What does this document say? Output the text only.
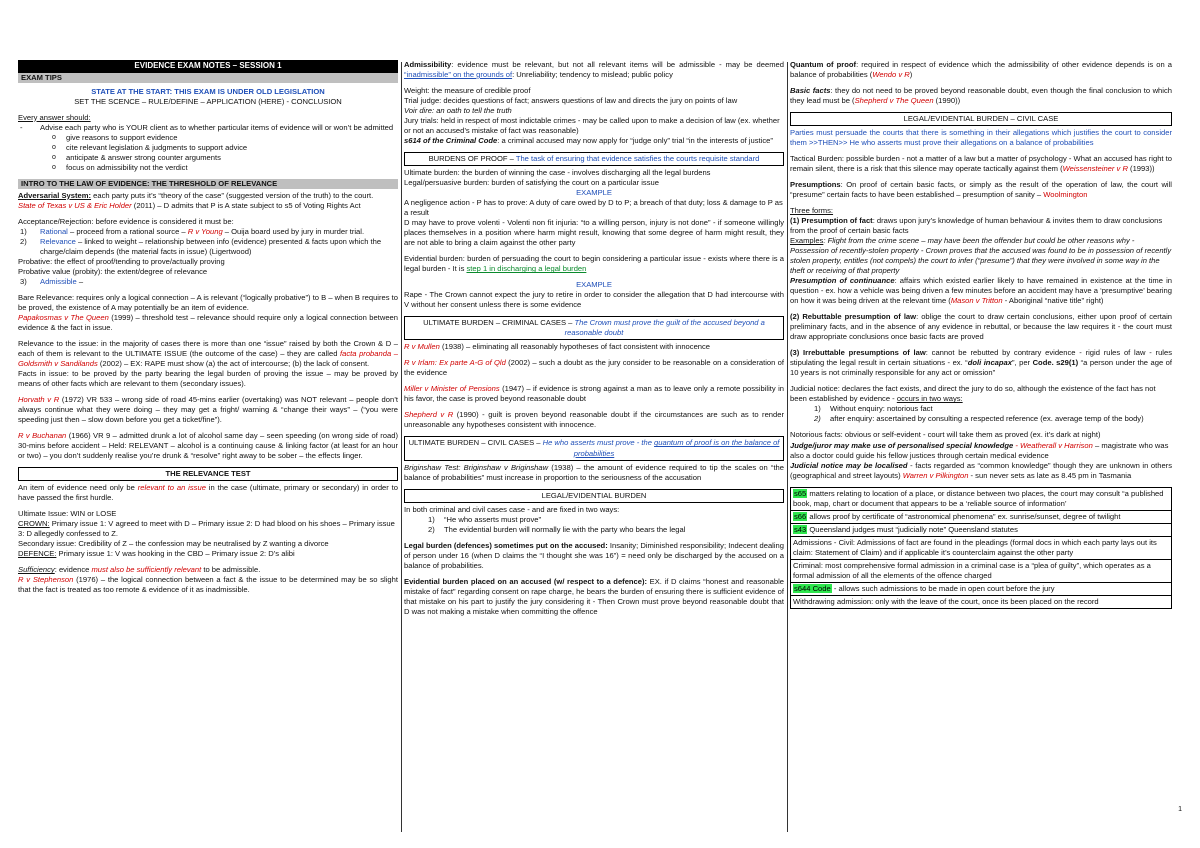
EVIDENCE EXAM NOTES – SESSION 1
EXAM TIPS
STATE AT THE START: THIS EXAM IS UNDER OLD LEGISLATION
SET THE SCENCE – RULE/DEFINE – APPLICATION (HERE) - CONCLUSION
Every answer should:
- Advise each party who is YOUR client as to whether particular items of evidence will or won’t be admitted
o give reasons to support evidence
o cite relevant legislation & judgments to support advice
o anticipate & answer strong counter arguments
o focus on admissibility not the verdict
INTRO TO THE LAW OF EVIDENCE: THE THRESHOLD OF RELEVANCE

Adversarial System: each party puts it’s “theory of the case” (suggested version of the truth) to the court.
State of Texas v US & Eric Holder (2011) – D admits that P is A state subject to s5 of Voting Rights Act

Acceptance/Rejection: before evidence is considered it must be:
1) Rational – proceed from a rational source – R v Young – Ouija board used by jury in murder trial.
2) Relevance – linked to weight – relationship between info (evidence) presented & facts upon which the charge/claim depends (the material facts in issue) (Ligertwood)
Probative: the effect of proof/tending to prove/actually proving
Probative value (probity): the extent/degree of relevance
3) Admissible –

Bare Relevance: requires only a logical connection – A is relevant (“logically probative”) to B – when B requires to be proved, the existence of A may potentially be an item of evidence.
Papakosmas v The Queen (1999) – threshold test – relevance should require only a logical connection between evidence & the fact in issue.

Relevance to the issue: in the majority of cases there is more than one “issue” raised by both the Crown & D – each of them is relevant to the ULTIMATE ISSUE (the outcome of the case) – they are called facta probanda – Goldsmith v Sandilands (2002) – EX: RAPE must show (a) the act of intercourse; (b) the lack of consent.
Facts in issue: to be proved by the party bearing the legal burden of proving the issue – may be proved by means of other facts which are relevant to them (secondary issues).

Horvath v R (1972) VR 533 – wrong side of road 45-mins earlier (overtaking) was NOT relevant – people don’t always continue what they were doing – they may get a fright/ warning & “change their ways” – (“you were speeding just then – slow down before you get a ticket/fine”).

R v Buchanan (1966) VR 9 – admitted drunk a lot of alcohol same day – seen speeding (on wrong side of road) 30-mins before accident – Held: RELEVANT – alcohol is a continuing cause & linking factor (at least for an hour or two) – you don’t suddenly realise you’re drunk & “resolve” right away to be sober – the effects linger.

THE RELEVANCE TEST

An item of evidence need only be relevant to an issue in the case (ultimate, primary or secondary) in order to have passed the first hurdle.

Ultimate Issue: WIN or LOSE
CROWN: Primary issue 1: V agreed to meet with D – Primary issue 2: D had blood on his shoes – Primary issue 3: D allegedly confessed to Z.
Secondary issue: Credibility of Z – the confession may be neutralised by Z wanting a divorce
DEFENCE: Primary issue 1: V was hooking in the CBD – Primary issue 2: D’s alibi
Sufficiency: evidence must also be sufficiently relevant to be admissible.

R v Stephenson (1976) – the logical connection between a fact & the issue to be determined may be so slight that the fact is treated as too remote & evidence of it as inadmissible.

Admissibility: evidence must be relevant, but not all relevant items will be admissible - may be deemed “inadmissible” on the grounds of: Unreliability; tendency to mislead; public policy

Weight: the measure of credible proof
Trial judge: decides questions of fact; answers questions of law and directs the jury on points of law
Voir dire: an oath to tell the truth
Jury trials: held in respect of most indictable crimes - may be called upon to make a decision of law (ex. whether or not an accused’s mistake of fact was reasonable)

s614 of the Criminal Code: a criminal accused may now apply for “judge only” trial “in the interests of justice”

BURDENS OF PROOF – The task of ensuring that evidence satisfies the courts requisite standard
Ultimate burden: the burden of winning the case - involves discharging all the legal burdens
Legal/persuasive burden: burden of satisfying the court on a particular issue
EXAMPLE
A negligence action - P has to prove: A duty of care owed by D to P; a breach of that duty; loss & damage to P as a result

D may have to prove volenti - Volenti non fit injuria: “to a willing person, injury is not done” - if someone willingly places themselves in a position where harm might result, knowing that some degree of harm might result, they are not able to bring a claim against the other party

Evidential burden: burden of persuading the court to begin considering a particular issue - exists where there is a legal burden - It is step 1 in discharging a legal burden

EXAMPLE

Rape - The Crown cannot expect the jury to retire in order to consider the allegation that D had intercourse with V without her consent unless there is some evidence

ULTIMATE BURDEN – CRIMINAL CASES – The Crown must prove the guilt of the accused beyond a reasonable doubt

R v Mullen (1938) – eliminating all reasonably hypotheses of fact consistent with innocence

R v Irlam: Ex parte A-G of Qld (2002) – such a doubt as the jury consider to be reasonable on a consideration of the evidence

Miller v Minister of Pensions (1947) – if evidence is strong against a man as to leave only a remote possibility in his favor, the case is proved beyond reasonable doubt

Shepherd v R (1990) - guilt is proven beyond reasonable doubt if the circumstances are such as to render unreasonable any hypotheses consistent with innocence.

ULTIMATE BURDEN – CIVIL CASES – He who asserts must prove - the quantum of proof is on the balance of probabilities

Briginshaw Test: Briginshaw v Briginshaw (1938) – the amount of evidence required to tip the scales on “the balance of probabilities” must increase in proportion to the seriousness of the accusation

LEGAL/EVIDENTIAL BURDEN
In both criminal and civil cases case - and are fixed in two ways:
1) “He who asserts must prove”
2) The evidential burden will normally lie with the party who bears the legal

Legal burden (defences) sometimes put on the accused: Insanity; Diminished responsibility; Indecent dealing of person under 16 (when D claims the “I thought she was 16”) = need only be discharged by the accused on a balance of probabilities.

Evidential burden placed on an accused (w/ respect to a defence): EX. if D claims “honest and reasonable mistake of fact” regarding consent on rape charge, he bears the burden of ensuring there is sufficient evidence of that mistake on his part to justify the jury considering it - Then Crown must prove beyond reasonable doubt that D was not making a mistake when committing the offence

Quantum of proof: required in respect of evidence which the admissibility of other evidence depends is on a balance of probabilities (Wendo v R)

Basic facts: they do not need to be proved beyond reasonable doubt, even though the final conclusion to which they lead must be (Shepherd v The Queen (1990))

LEGAL/EVIDENTIAL BURDEN – CIVIL CASE

Parties must persuade the courts that there is something in their allegations which justifies the court to consider them >>THEN>> He who asserts must prove their allegations on a balance of probabilities

Tactical Burden: possible burden - not a matter of a law but a matter of psychology - What an accused has right to remain silent, there is a risk that this silence may operate tactically against them (Weissensteiner v R (1993))

Presumptions: On proof of certain basic facts, or simply as the result of the operation of law, the court will “presume” certain facts to have been established – presumption of sanity – Woolmington

Three forms:
(1) Presumption of fact: draws upon jury’s knowledge of human behaviour & invites them to draw conclusions from the proof of certain basic facts
Examples: Flight from the crime scene – may have been the offender but could be other reasons why - Possession of recently-stolen property - Crown proves that the accused was found to be in possession of recently stolen property, entitles (not compels) the court to infer (“presume”) that they were involved in some way in the theft or receiving of that property

Presumption of continuance: affairs which existed earlier likely to have remained in existence at the time in question - ex. how a vehicle was being driven a few minutes before an accident may have a ‘presumptive’ bearing on how it was being driven at the relevant time (Mason v Tritton - Aboriginal “native title” right)

(2) Rebuttable presumption of law: oblige the court to draw certain conclusions, either upon proof of certain preliminary facts, and in the absence of any evidence in rebuttal, or because the law requires it - the court must draw appropriate conclusions once basic facts are proved

(3) Irrebuttable presumptions of law: cannot be rebutted by contrary evidence - rigid rules of law - rules stipulating the legal result in certain situations - ex. “doli incapax”, per Code. s29(1) “a person under the age of 10 years is not criminally responsible for any act or omission”

Judicial notice: declares the fact exists, and direct the jury to do so, although the existence of the fact has not been established by evidence - occurs in two ways:
1) Without enquiry: notorious fact
2) after enquiry: ascertained by consulting a respected reference (ex. average temp of the body)
Notorious facts: obvious or self-evident - court will take them as proved (ex. it’s dark at night)
Judge/juror may make use of personalised special knowledge - Weatherall v Harrison – magistrate who was also a doctor could guide his fellow justices through certain medical evidence

Judicial notice may be localised - facts regarded as “common knowledge” though they are unknown in others (geographical and street layouts) Warren v Pilkington - sun never sets as late as 8.45 pm in Tasmania

s65 matters relating to location of a place, or distance between two places, the court may consult “a published book, map, chart or document that appears to be a ‘reliable source of information’
s66 allows proof by certificate of “astronomical phenomena” ex. sunrise/sunset, degree of twilight
s43 Queensland judges must “judicially note” Queensland statutes
Admissions - Civil: Admissions of fact are found in the pleadings (formal docs in which each party lays out its claim: Statement of Claim) and if applicable it’s counterclaim against the other party
Criminal: most comprehensive formal admission in a criminal case is a “plea of guilty”, which operates as a formal admission of all the elements of the offence charged
s644 Code - allows such admissions to be made in open court before the jury
Withdrawing admission: only with the leave of the court, once its been placed on the record
1
